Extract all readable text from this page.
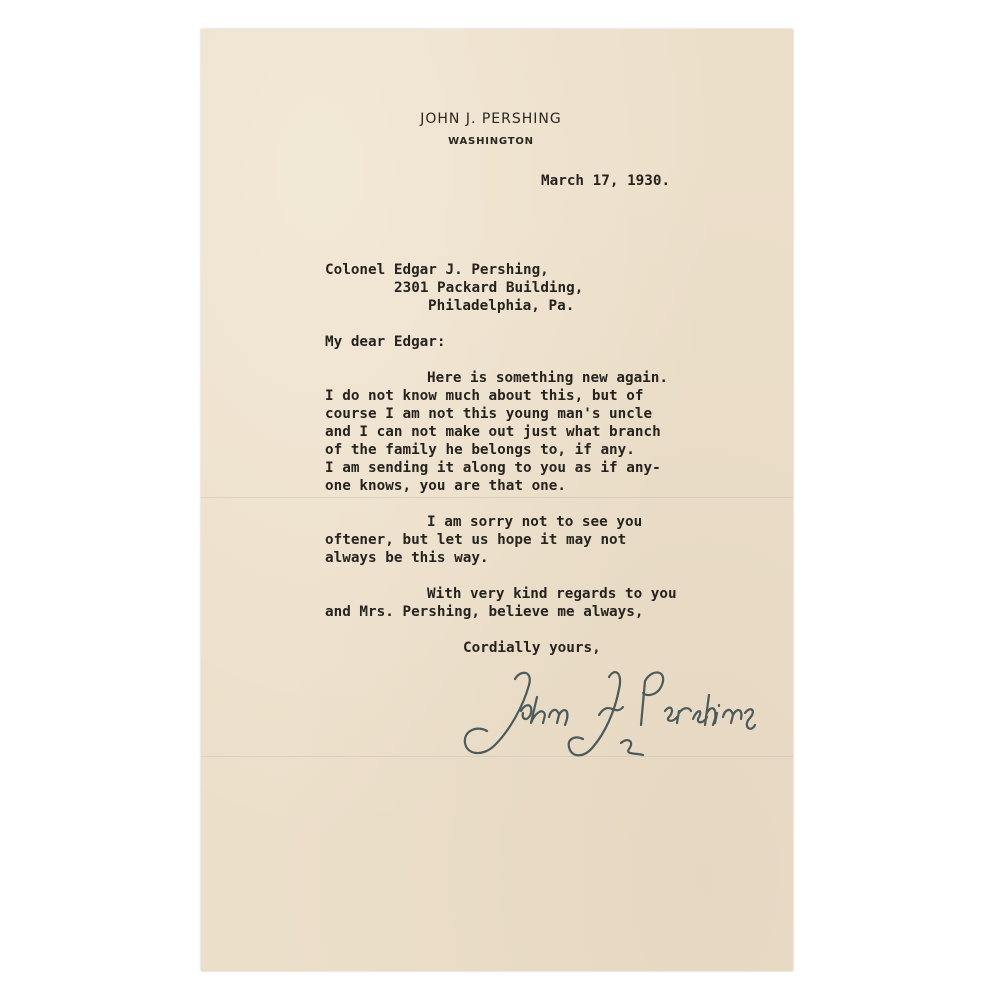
JOHN J. PERSHING
WASHINGTON
March 17, 1930.
Colonel Edgar J. Pershing,
2301 Packard Building,
Philadelphia, Pa.
My dear Edgar:
Here is something new again.
I do not know much about this, but of
course I am not this young man's uncle
and I can not make out just what branch
of the family he belongs to, if any.
I am sending it along to you as if any-
one knows, you are that one.
I am sorry not to see you
oftener, but let us hope it may not
always be this way.
With very kind regards to you
and Mrs. Pershing, believe me always,
Cordially yours,
